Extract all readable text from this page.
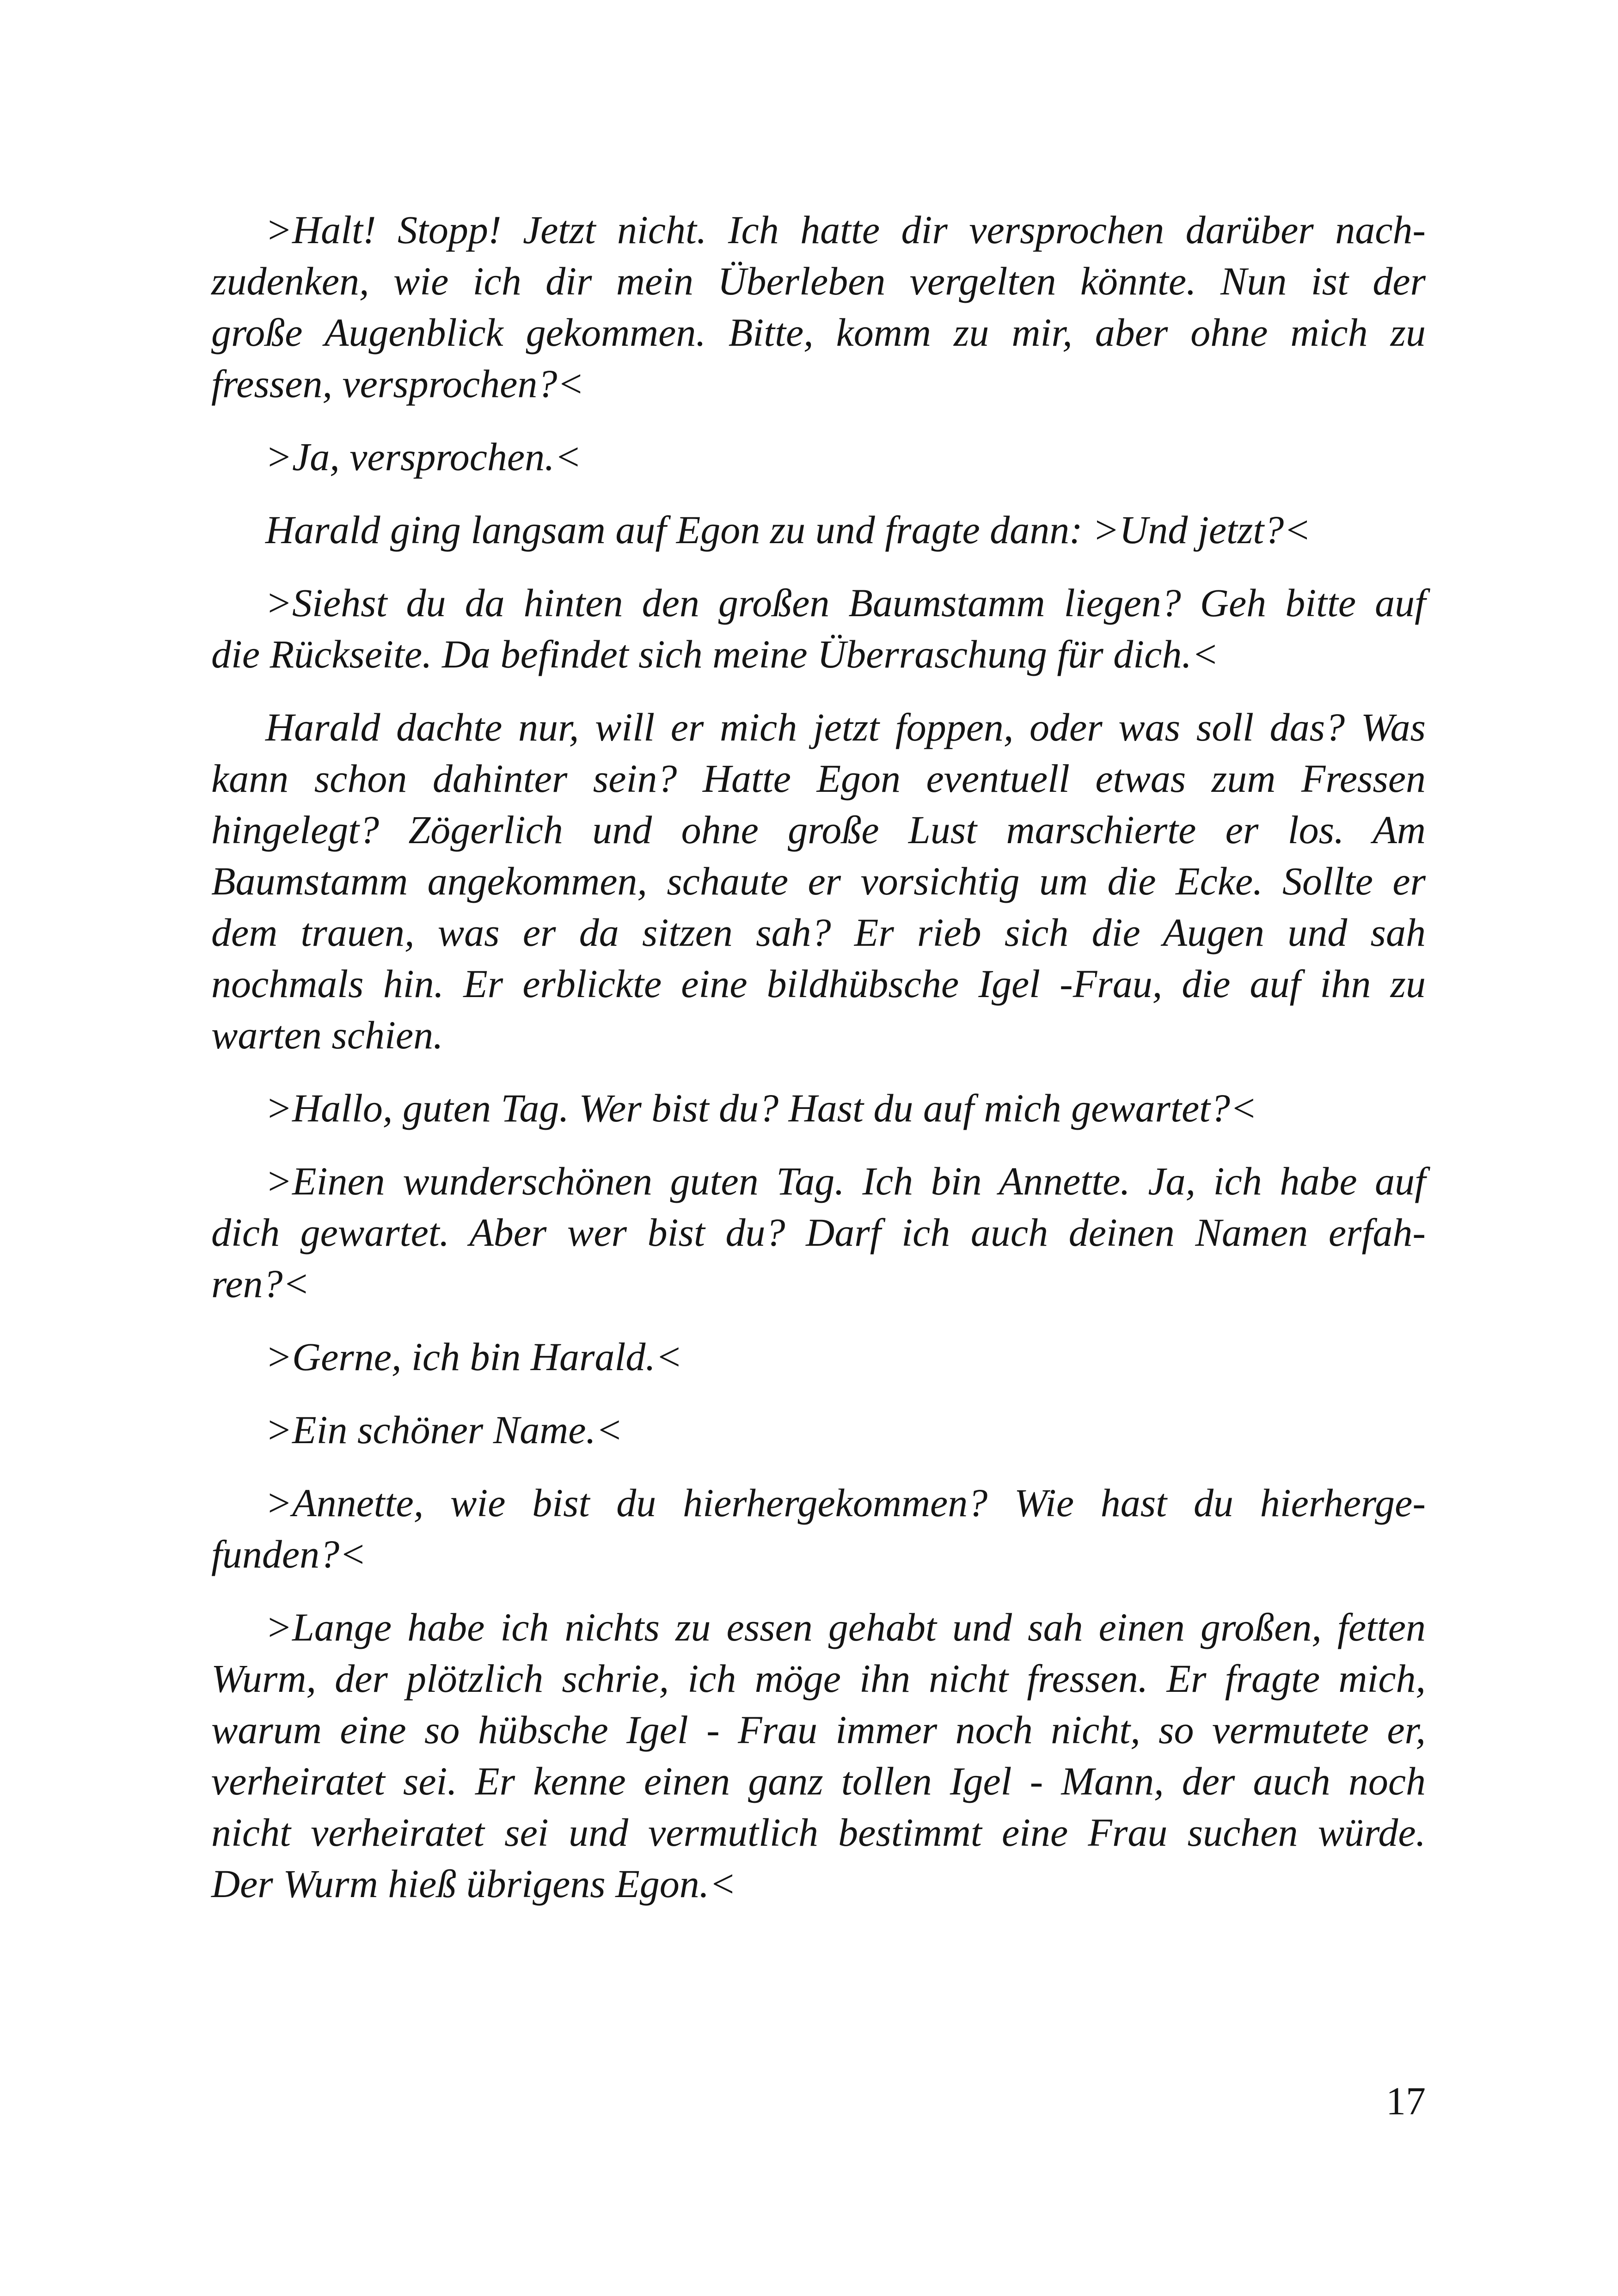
>Halt! Stopp! Jetzt nicht. Ich hatte dir versprochen darüber nach-
zudenken, wie ich dir mein Überleben vergelten könnte. Nun ist der
große Augenblick gekommen. Bitte, komm zu mir, aber ohne mich zu
fressen, versprochen?<
>Ja, versprochen.<
Harald ging langsam auf Egon zu und fragte dann: >Und jetzt?<
>Siehst du da hinten den großen Baumstamm liegen? Geh bitte auf
die Rückseite. Da befindet sich meine Überraschung für dich.<
Harald dachte nur, will er mich jetzt foppen, oder was soll das? Was
kann schon dahinter sein? Hatte Egon eventuell etwas zum Fressen
hingelegt? Zögerlich und ohne große Lust marschierte er los. Am
Baumstamm angekommen, schaute er vorsichtig um die Ecke. Sollte er
dem trauen, was er da sitzen sah? Er rieb sich die Augen und sah
nochmals hin. Er erblickte eine bildhübsche Igel -Frau, die auf ihn zu
warten schien.
>Hallo, guten Tag. Wer bist du? Hast du auf mich gewartet?<
>Einen wunderschönen guten Tag. Ich bin Annette. Ja, ich habe auf
dich gewartet. Aber wer bist du? Darf ich auch deinen Namen erfah-
ren?<
>Gerne, ich bin Harald.<
>Ein schöner Name.<
>Annette, wie bist du hierhergekommen? Wie hast du hierherge-
funden?<
>Lange habe ich nichts zu essen gehabt und sah einen großen, fetten
Wurm, der plötzlich schrie, ich möge ihn nicht fressen. Er fragte mich,
warum eine so hübsche Igel - Frau immer noch nicht, so vermutete er,
verheiratet sei. Er kenne einen ganz tollen Igel - Mann, der auch noch
nicht verheiratet sei und vermutlich bestimmt eine Frau suchen würde.
Der Wurm hieß übrigens Egon.<
17
